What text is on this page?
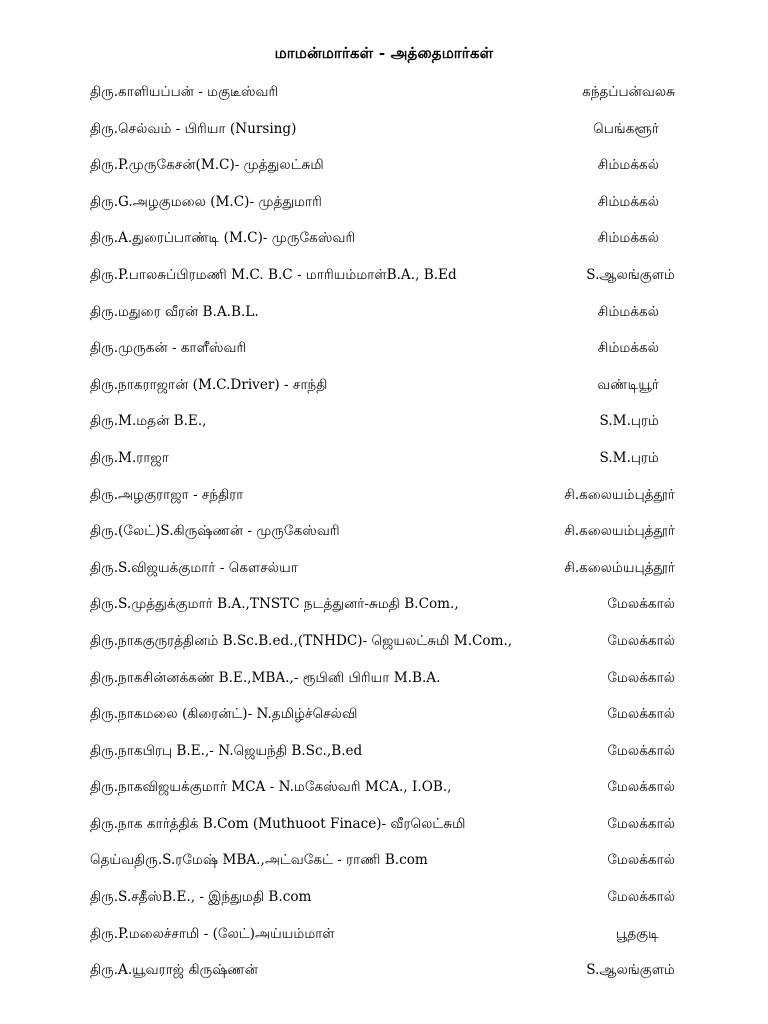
மாமன்மார்கள் - அத்தைமார்கள்
திரு.காளியப்பன் - மகுடீஸ்வரி	கந்தப்பன்வலசு
திரு.செல்வம் - பிரியா (Nursing)	பெங்களூர்
திரு.P.முருகேசன்(M.C)- முத்துலட்சுமி	சிம்மக்கல்
திரு.G.அழகுமலை (M.C)- முத்துமாரி	சிம்மக்கல்
திரு.A.துரைப்பாண்டி (M.C)- முருகேஸ்வரி	சிம்மக்கல்
திரு.P.பாலசுப்பிரமணி M.C. B.C - மாரியம்மாள்B.A., B.Ed	S.ஆலங்குளம்
திரு.மதுரை வீரன் B.A.B.L.	சிம்மக்கல்
திரு.முருகன் - காளீஸ்வரி	சிம்மக்கல்
திரு.நாகராஜான் (M.C.Driver) - சாந்தி	வண்டியூர்
திரு.M.மதன் B.E.,	S.M.புரம்
திரு.M.ராஜா	S.M.புரம்
திரு.அழகுராஜா - சந்திரா	சி.கலையம்புத்தூர்
திரு.(லேட்)S.கிருஷ்ணன் - முருகேஸ்வரி	சி.கலையம்புத்தூர்
திரு.S.விஜயக்குமார் - கௌசல்யா	சி.கலைம்யபுத்தூர்
திரு.S.முத்துக்குமார் B.A.,TNSTC நடத்துனர்-சுமதி B.Com.,	மேலக்கால்
திரு.நாககுருரத்தினம் B.Sc.B.ed.,(TNHDC)- ஜெயலட்சுமி M.Com.,	மேலக்கால்
திரு.நாகசின்னக்கண் B.E.,MBA.,- ரூபினி பிரியா M.B.A.	மேலக்கால்
திரு.நாகமலை (கிரைன்ட்)- N.தமிழ்ச்செல்வி	மேலக்கால்
திரு.நாகபிரபு B.E.,- N.ஜெயந்தி B.Sc.,B.ed	மேலக்கால்
திரு.நாகவிஜயக்குமார் MCA - N.மகேஸ்வரி MCA., I.OB.,	மேலக்கால்
திரு.நாக கார்த்திக் B.Com (Muthuoot Finace)- வீரலெட்சுமி	மேலக்கால்
தெய்வதிரு.S.ரமேஷ் MBA.,அட்வகேட் - ராணி B.com	மேலக்கால்
திரு.S.சதீஸ்B.E., - இந்துமதி B.com	மேலக்கால்
திரு.P.மலைச்சாமி - (லேட்)அய்யம்மாள்	பூதகுடி
திரு.A.யூவராஜ் கிருஷ்ணன்	S.ஆலங்குளம்
